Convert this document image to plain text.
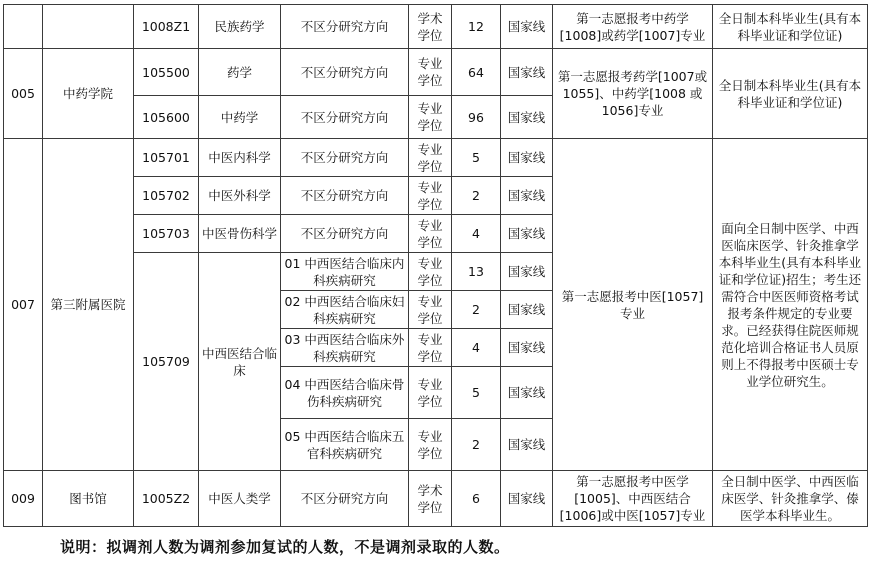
		1008Z1	民族药学	不区分研究方向	学术学位	12	国家线	第一志愿报考中药学[1008]或药学[1007]专业	全日制本科毕业生(具有本科毕业证和学位证)
005	中药学院	105500	药学	不区分研究方向	专业学位	64	国家线	第一志愿报考药学[1007或 1055]、中药学[1008 或1056]专业	全日制本科毕业生(具有本科毕业证和学位证)
		105600	中药学	不区分研究方向	专业学位	96	国家线		
007	第三附属医院	105701	中医内科学	不区分研究方向	专业学位	5	国家线	第一志愿报考中医[1057]专业	面向全日制中医学、中西医临床医学、针灸推拿学本科毕业生(具有本科毕业证和学位证)招生；考生还需符合中医医师资格考试报考条件规定的专业要求。已经获得住院医师规范化培训合格证书人员原则上不得报考中医硕士专业学位研究生。
		105702	中医外科学	不区分研究方向	专业学位	2	国家线		
		105703	中医骨伤科学	不区分研究方向	专业学位	4	国家线		
		105709	中西医结合临床	01 中西医结合临床内科疾病研究	专业学位	13	国家线		
				02 中西医结合临床妇科疾病研究	专业学位	2	国家线		
				03 中西医结合临床外科疾病研究	专业学位	4	国家线		
				04 中西医结合临床骨伤科疾病研究	专业学位	5	国家线		
				05 中西医结合临床五官科疾病研究	专业学位	2	国家线		
009	图书馆	1005Z2	中医人类学	不区分研究方向	学术学位	6	国家线	第一志愿报考中医学[1005]、中西医结合[1006]或中医[1057]专业	全日制中医学、中西医临床医学、针灸推拿学、傣医学本科毕业生。
说明：拟调剂人数为调剂参加复试的人数，不是调剂录取的人数。
